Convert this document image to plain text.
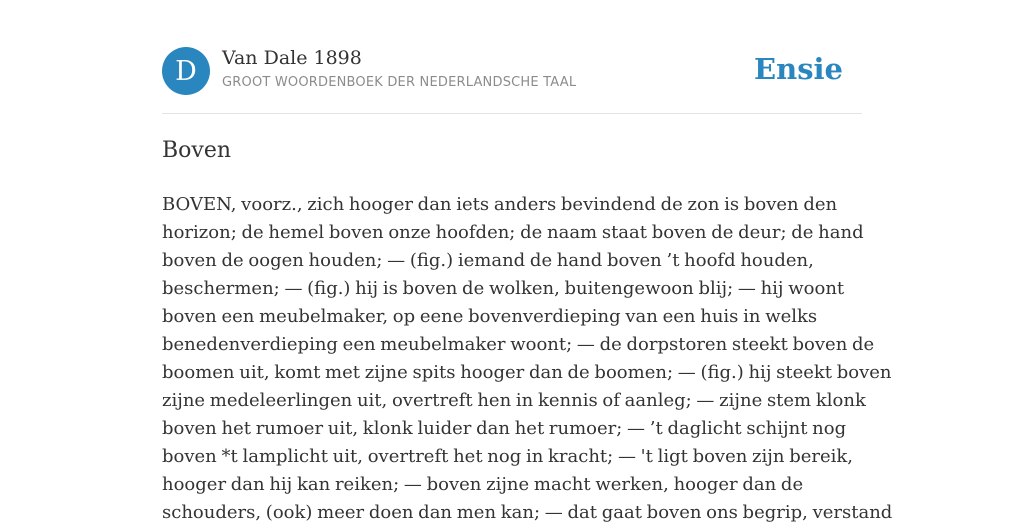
D	Van Dale 1898
GROOT WOORDENBOEK DER NEDERLANDSCHE TAAL	Ensie
Boven

BOVEN, voorz., zich hooger dan iets anders bevindend de zon is boven den
horizon; de hemel boven onze hoofden; de naam staat boven de deur; de hand
boven de oogen houden; — (fig.) iemand de hand boven ’t hoofd houden,
beschermen; — (fig.) hij is boven de wolken, buitengewoon blij; — hij woont
boven een meubelmaker, op eene bovenverdieping van een huis in welks
benedenverdieping een meubelmaker woont; — de dorpstoren steekt boven de
boomen uit, komt met zijne spits hooger dan de boomen; — (fig.) hij steekt boven
zijne medeleerlingen uit, overtreft hen in kennis of aanleg; — zijne stem klonk
boven het rumoer uit, klonk luider dan het rumoer; — ’t daglicht schijnt nog
boven *t lamplicht uit, overtreft het nog in kracht; — 't ligt boven zijn bereik,
hooger dan hij kan reiken; — boven zijne macht werken, hooger dan de
schouders, (ook) meer doen dan men kan; — dat gaat boven ons begrip, verstand
